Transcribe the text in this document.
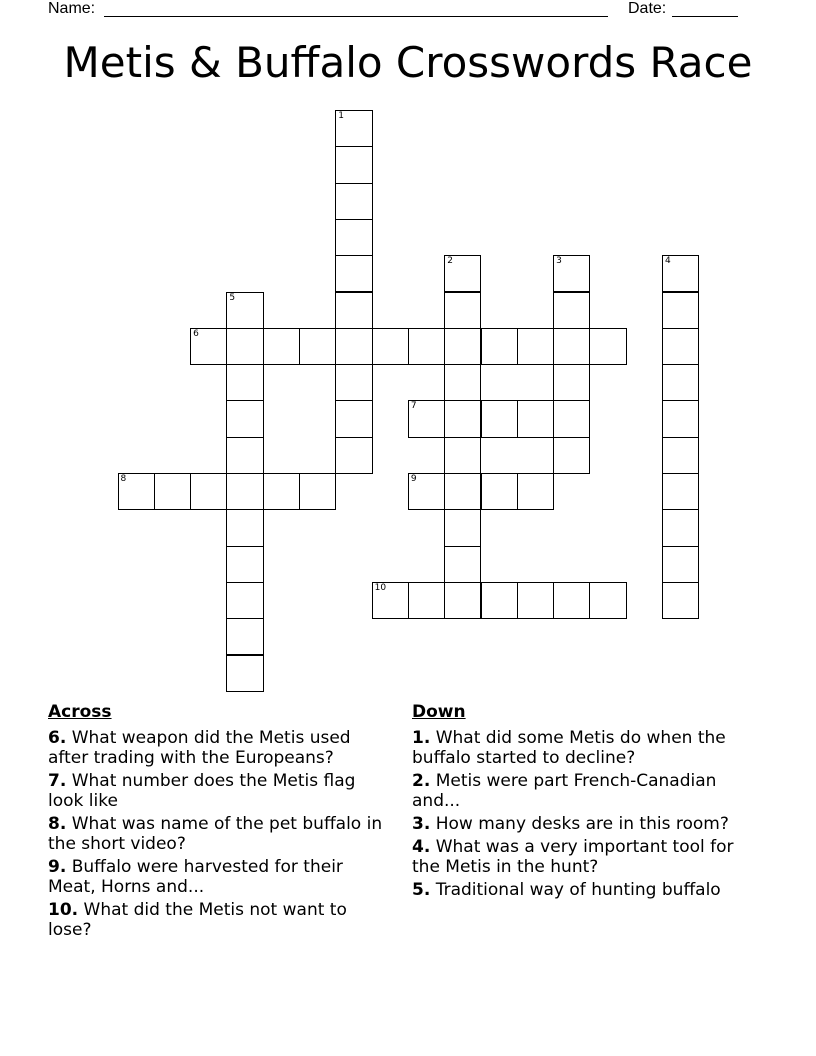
Name:	Date:
Metis & Buffalo Crosswords Race
1
2	3	4
5
6
7
8	9
10
Across
6. What weapon did the Metis used after trading with the Europeans?
7. What number does the Metis flag look like
8. What was name of the pet buffalo in the short video?
9. Buffalo were harvested for their Meat, Horns and...
10. What did the Metis not want to lose?
Down
1. What did some Metis do when the buffalo started to decline?
2. Metis were part French-Canadian and...
3. How many desks are in this room?
4. What was a very important tool for the Metis in the hunt?
5. Traditional way of hunting buffalo
